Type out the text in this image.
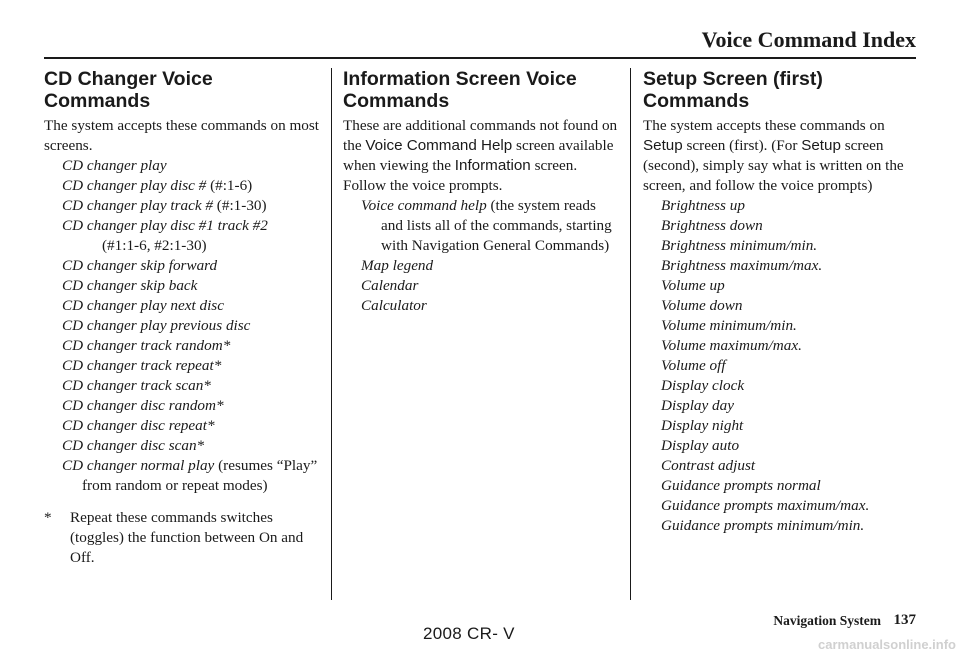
Voice Command Index
CD Changer Voice Commands

The system accepts these commands on most screens.

CD changer play
CD changer play disc # (#:1-6)
CD changer play track # (#:1-30)
CD changer play disc #1 track #2
(#1:1-6, #2:1-30)
CD changer skip forward
CD changer skip back
CD changer play next disc
CD changer play previous disc
CD changer track random*
CD changer track repeat*
CD changer track scan*
CD changer disc random*
CD changer disc repeat*
CD changer disc scan*
CD changer normal play (resumes “Play” from random or repeat modes)
*	Repeat these commands switches (toggles) the function between On and Off.
Information Screen Voice Commands

These are additional commands not found on the Voice Command Help screen available when viewing the Information screen. Follow the voice prompts.

Voice command help (the system reads and lists all of the commands, starting with Navigation General Commands)
Map legend
Calendar
Calculator
Setup Screen (first) Commands

The system accepts these commands on Setup screen (first). (For Setup screen (second), simply say what is written on the screen, and follow the voice prompts)

Brightness up
Brightness down
Brightness minimum/min.
Brightness maximum/max.
Volume up
Volume down
Volume minimum/min.
Volume maximum/max.
Volume off
Display clock
Display day
Display night
Display auto
Contrast adjust
Guidance prompts normal
Guidance prompts maximum/max.
Guidance prompts minimum/min.
Navigation System 137
2008 CR- V
carmanualsonline.info
